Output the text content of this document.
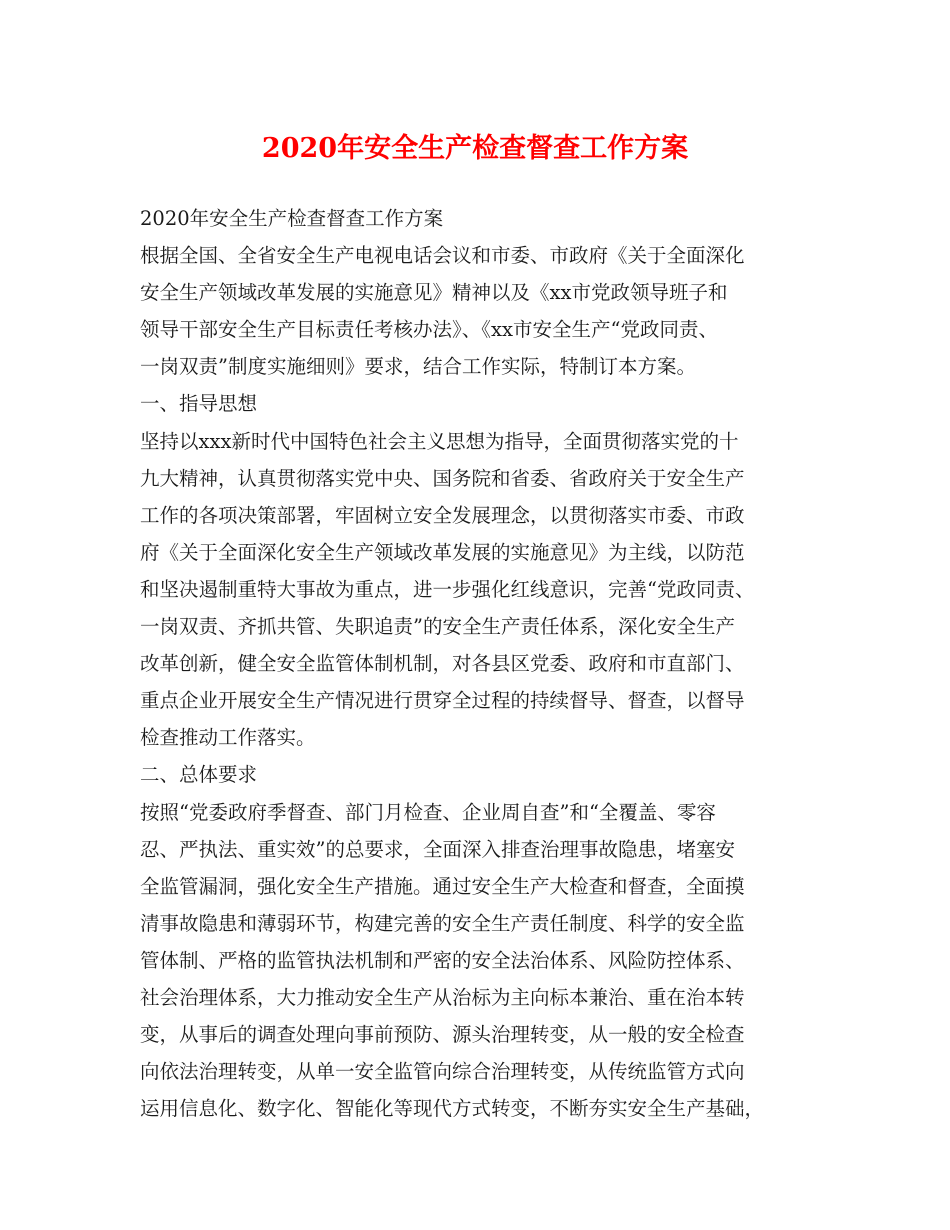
2020年安全生产检查督查工作方案
2020年安全生产检查督查工作方案
根据全国、全省安全生产电视电话会议和市委、市政府《关于全面深化
安全生产领域改革发展的实施意见》精神以及《xx市党政领导班子和
领导干部安全生产目标责任考核办法》、《xx市安全生产“党政同责、
一岗双责”制度实施细则》要求，结合工作实际，特制订本方案。
一、指导思想
坚持以xxx新时代中国特色社会主义思想为指导，全面贯彻落实党的十
九大精神，认真贯彻落实党中央、国务院和省委、省政府关于安全生产
工作的各项决策部署，牢固树立安全发展理念，以贯彻落实市委、市政
府《关于全面深化安全生产领域改革发展的实施意见》为主线，以防范
和坚决遏制重特大事故为重点，进一步强化红线意识，完善“党政同责、
一岗双责、齐抓共管、失职追责”的安全生产责任体系，深化安全生产
改革创新，健全安全监管体制机制，对各县区党委、政府和市直部门、
重点企业开展安全生产情况进行贯穿全过程的持续督导、督查，以督导
检查推动工作落实。
二、总体要求
按照“党委政府季督查、部门月检查、企业周自查”和“全覆盖、零容
忍、严执法、重实效”的总要求，全面深入排查治理事故隐患，堵塞安
全监管漏洞，强化安全生产措施。通过安全生产大检查和督查，全面摸
清事故隐患和薄弱环节，构建完善的安全生产责任制度、科学的安全监
管体制、严格的监管执法机制和严密的安全法治体系、风险防控体系、
社会治理体系，大力推动安全生产从治标为主向标本兼治、重在治本转
变，从事后的调查处理向事前预防、源头治理转变，从一般的安全检查
向依法治理转变，从单一安全监管向综合治理转变，从传统监管方式向
运用信息化、数字化、智能化等现代方式转变，不断夯实安全生产基础，
